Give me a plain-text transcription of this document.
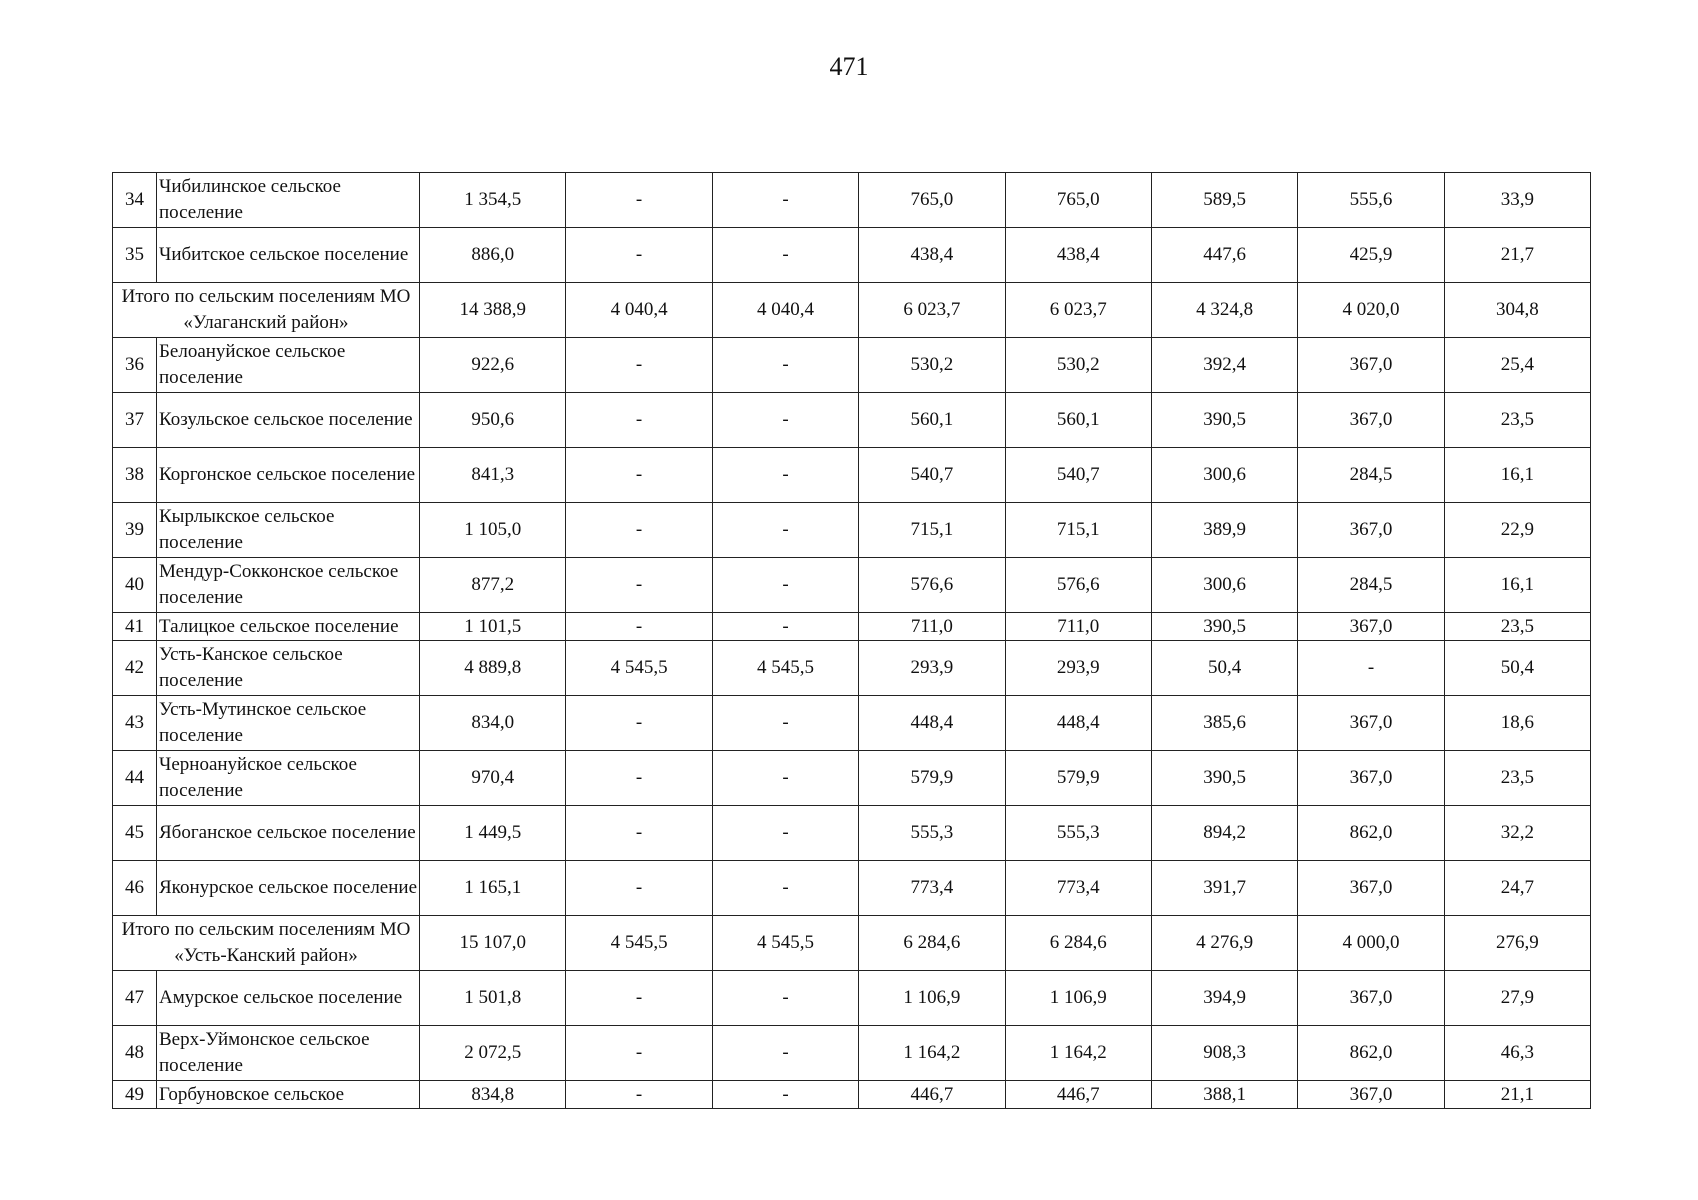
471
34	Чибилинское сельское поселение	1 354,5	-	-	765,0	765,0	589,5	555,6	33,9
35	Чибитское сельское поселение	886,0	-	-	438,4	438,4	447,6	425,9	21,7
Итого по сельским поселениям МО «Улаганский район»		14 388,9	4 040,4	4 040,4	6 023,7	6 023,7	4 324,8	4 020,0	304,8
36	Белоануйское сельское поселение	922,6	-	-	530,2	530,2	392,4	367,0	25,4
37	Козульское сельское поселение	950,6	-	-	560,1	560,1	390,5	367,0	23,5
38	Коргонское сельское поселение	841,3	-	-	540,7	540,7	300,6	284,5	16,1
39	Кырлыкское сельское поселение	1 105,0	-	-	715,1	715,1	389,9	367,0	22,9
40	Мендур-Сокконское сельское поселение	877,2	-	-	576,6	576,6	300,6	284,5	16,1
41	Талицкое сельское поселение	1 101,5	-	-	711,0	711,0	390,5	367,0	23,5
42	Усть-Канское сельское поселение	4 889,8	4 545,5	4 545,5	293,9	293,9	50,4	-	50,4
43	Усть-Мутинское сельское поселение	834,0	-	-	448,4	448,4	385,6	367,0	18,6
44	Черноануйское сельское поселение	970,4	-	-	579,9	579,9	390,5	367,0	23,5
45	Ябоганское сельское поселение	1 449,5	-	-	555,3	555,3	894,2	862,0	32,2
46	Яконурское сельское поселение	1 165,1	-	-	773,4	773,4	391,7	367,0	24,7
Итого по сельским поселениям МО «Усть-Канский район»		15 107,0	4 545,5	4 545,5	6 284,6	6 284,6	4 276,9	4 000,0	276,9
47	Амурское сельское поселение	1 501,8	-	-	1 106,9	1 106,9	394,9	367,0	27,9
48	Верх-Уймонское сельское поселение	2 072,5	-	-	1 164,2	1 164,2	908,3	862,0	46,3
49	Горбуновское сельское	834,8	-	-	446,7	446,7	388,1	367,0	21,1
